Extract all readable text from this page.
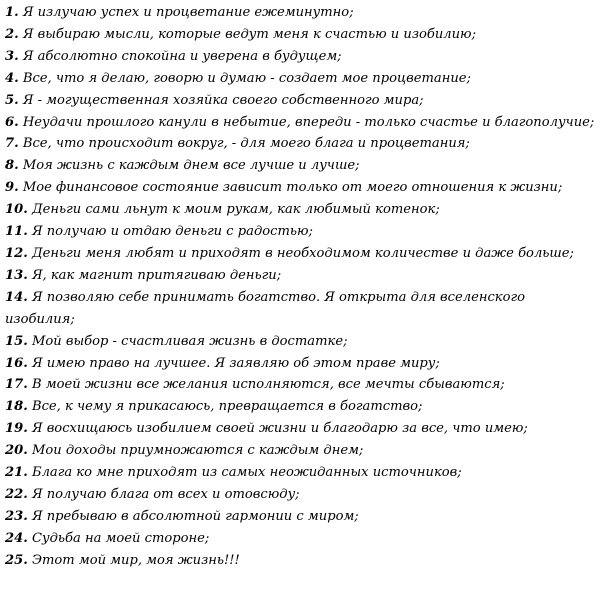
1. Я излучаю успех и процветание ежеминутно;
2. Я выбираю мысли, которые ведут меня к счастью и изобилию;
3. Я абсолютно спокойна и уверена в будущем;
4. Все, что я делаю, говорю и думаю - создает мое процветание;
5. Я - могущественная хозяйка своего собственного мира;
6. Неудачи прошлого канули в небытие, впереди - только счастье и благополучие;
7. Все, что происходит вокруг, - для моего блага и процветания;
8. Моя жизнь с каждым днем все лучше и лучше;
9. Мое финансовое состояние зависит только от моего отношения к жизни;
10. Деньги сами льнут к моим рукам, как любимый котенок;
11. Я получаю и отдаю деньги с радостью;
12. Деньги меня любят и приходят в необходимом количестве и даже больше;
13. Я, как магнит притягиваю деньги;
14. Я позволяю себе принимать богатство. Я открыта для вселенского изобилия;
15. Мой выбор - счастливая жизнь в достатке;
16. Я имею право на лучшее. Я заявляю об этом праве миру;
17. В моей жизни все желания исполняются, все мечты сбываются;
18. Все, к чему я прикасаюсь, превращается в богатство;
19. Я восхищаюсь изобилием своей жизни и благодарю за все, что имею;
20. Мои доходы приумножаются с каждым днем;
21. Блага ко мне приходят из самых неожиданных источников;
22. Я получаю блага от всех и отовсюду;
23. Я пребываю в абсолютной гармонии с миром;
24. Судьба на моей стороне;
25. Этот мой мир, моя жизнь!!!
